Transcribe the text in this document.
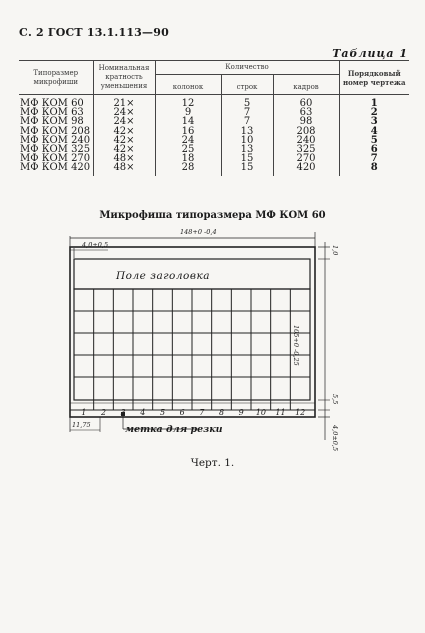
С. 2 ГОСТ 13.1.113—90
Таблица 1
Типоразмер микрофиши	Номинальная кратность уменьшения	Количество			Порядковый номер чертежа
		колонок	строк	кадров	
МФ КОМ 60	21×	12	5	60	1
МФ КОМ 63	24×	9	7	63	2
МФ КОМ 98	24×	14	7	98	3
МФ КОМ 208	42×	16	13	208	4
МФ КОМ 240	42×	24	10	240	5
МФ КОМ 325	42×	25	13	325	6
МФ КОМ 270	48×	18	15	270	7
МФ КОМ 420	48×	28	15	420	8
Микрофиша типоразмера МФ КОМ 60
Поле заголовка
1	2	3	4	5	6	7	8	9	10 11 12
метка для резки
148+0 -0,4
4,0±0,5
11,75
105+0 -0,25
1,0
5,5
4,0±0,5
Черт. 1.
